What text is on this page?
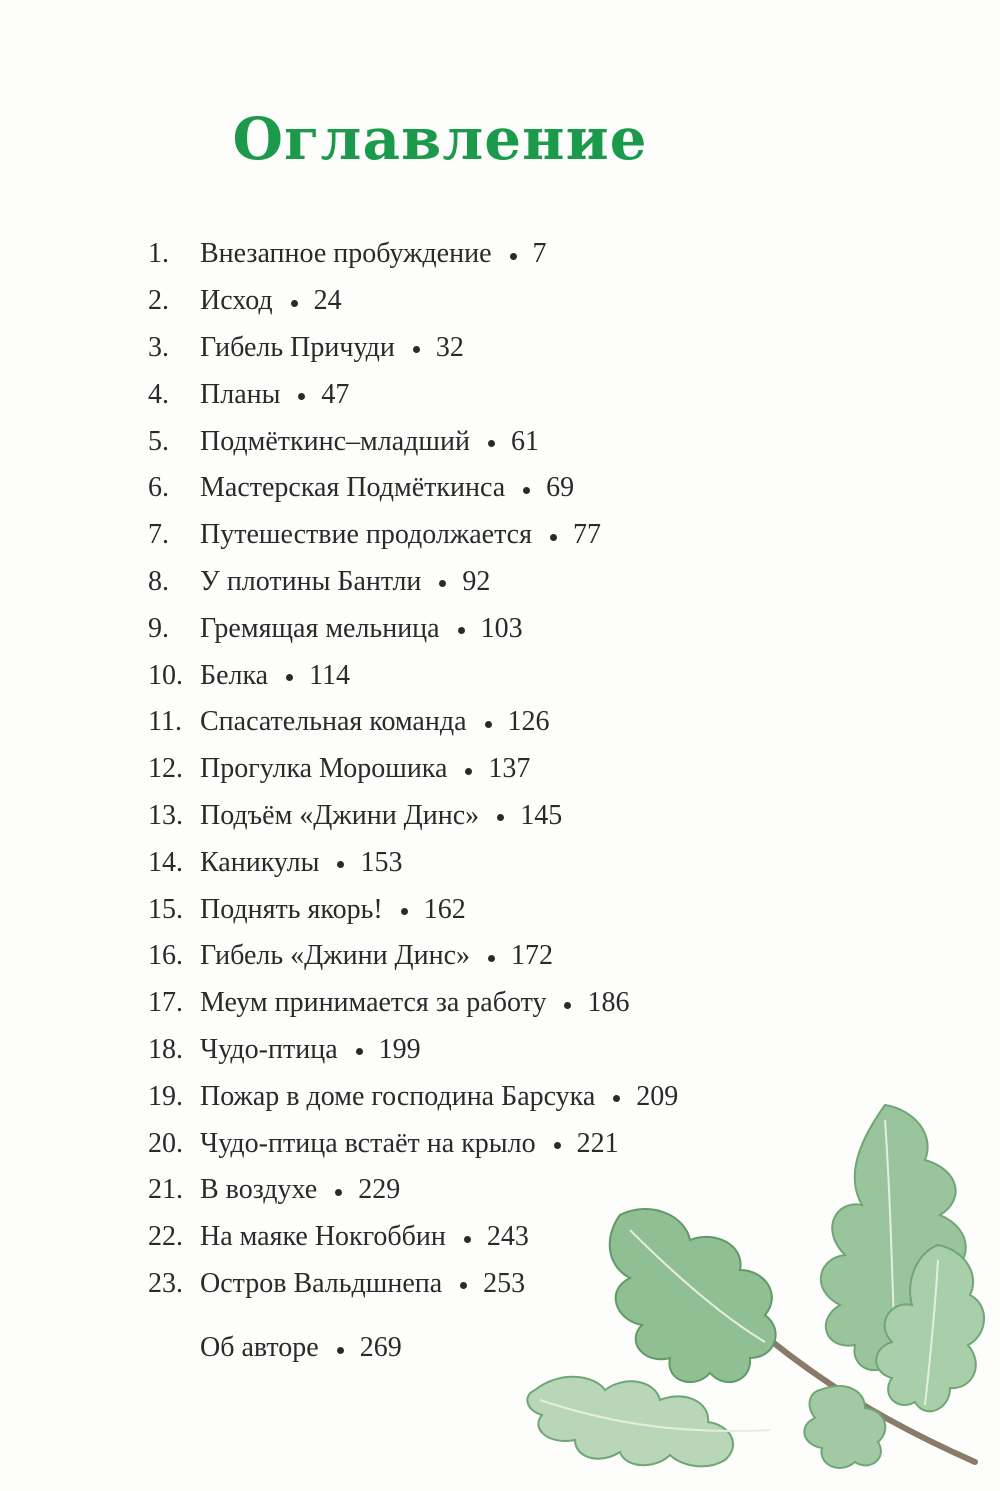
Оглавление
1.	Внезапное пробуждение 7
2.	Исход 24
3.	Гибель Причуди 32
4.	Планы 47
5.	Подмёткинс–младший 61
6.	Мастерская Подмёткинса 69
7.	Путешествие продолжается 77
8.	У плотины Бантли 92
9.	Гремящая мельница 103
10. Белка 114
11. Спасательная команда 126
12. Прогулка Морошика 137
13. Подъём «Джини Динс» 145
14. Каникулы 153
15. Поднять якорь! 162
16. Гибель «Джини Динс» 172
17. Меум принимается за работу 186
18. Чудо-птица 199
19. Пожар в доме господина Барсука 209
20. Чудо-птица встаёт на крыло 221
21. В воздухе 229
22. На маяке Нокгоббин 243
23. Остров Вальдшнепа 253
Об авторе 269
